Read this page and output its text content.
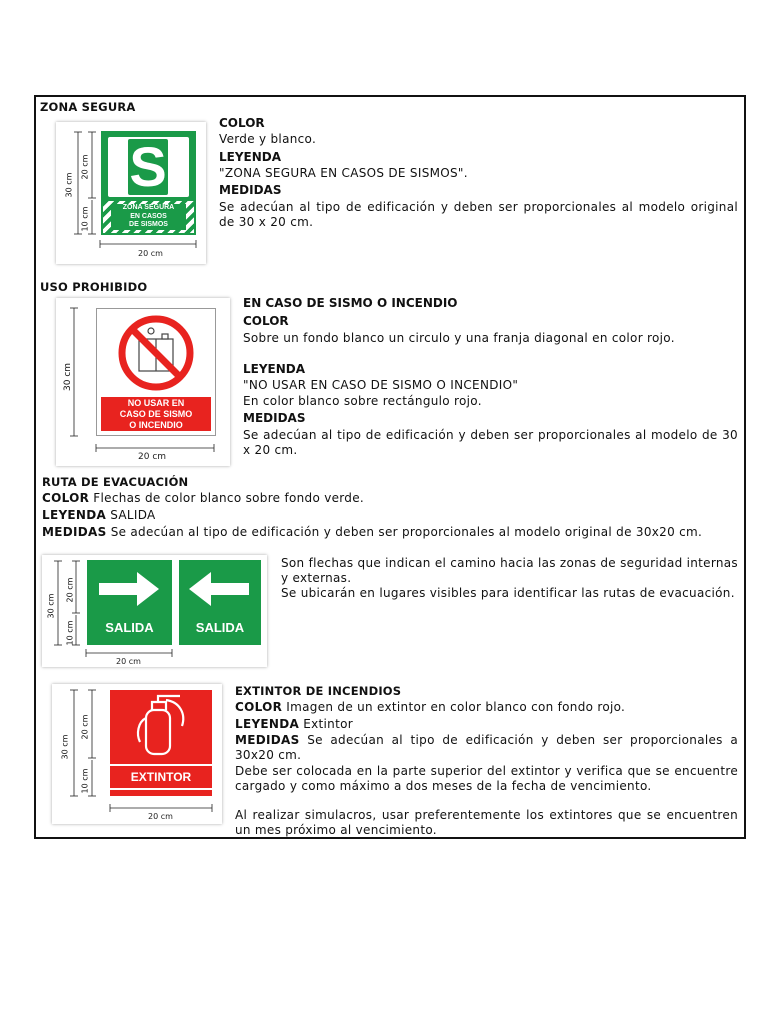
ZONA SEGURA
30 cm
20 cm
10 cm
20 cm
S
ZONA SEGURA
EN CASOS
DE SISMOS
COLOR
Verde y blanco.
LEYENDA
"ZONA SEGURA EN CASOS DE SISMOS".
MEDIDAS
Se adecúan al tipo de edificación y deben ser proporcionales al modelo original de 30 x 20 cm.
USO PROHIBIDO
30 cm
20 cm
NO USAR EN
CASO DE SISMO
O INCENDIO
EN CASO DE SISMO O INCENDIO
COLOR
Sobre un fondo blanco un circulo y una franja diagonal en color rojo.
LEYENDA
"NO USAR EN CASO DE SISMO O INCENDIO"
En color blanco sobre rectángulo rojo.
MEDIDAS
Se adecúan al tipo de edificación y deben ser proporcionales al modelo de 30 x 20 cm.
RUTA DE EVACUACIÓN
COLOR Flechas de color blanco sobre fondo verde.
LEYENDA SALIDA
MEDIDAS Se adecúan al tipo de edificación y deben ser proporcionales al modelo original de 30x20 cm.
30 cm
20 cm
10 cm
20 cm
SALIDA	SALIDA
Son flechas que indican el camino hacia las zonas de seguridad internas y externas.
Se ubicarán en lugares visibles para identificar las rutas de evacuación.
30 cm
20 cm
10 cm
20 cm
EXTINTOR
EXTINTOR DE INCENDIOS
COLOR Imagen de un extintor en color blanco con fondo rojo.
LEYENDA Extintor
MEDIDAS Se adecúan al tipo de edificación y deben ser proporcionales a 30x20 cm.
Debe ser colocada en la parte superior del extintor y verifica que se encuentre cargado y como máximo a dos meses de la fecha de vencimiento.
Al realizar simulacros, usar preferentemente los extintores que se encuentren un mes próximo al vencimiento.
